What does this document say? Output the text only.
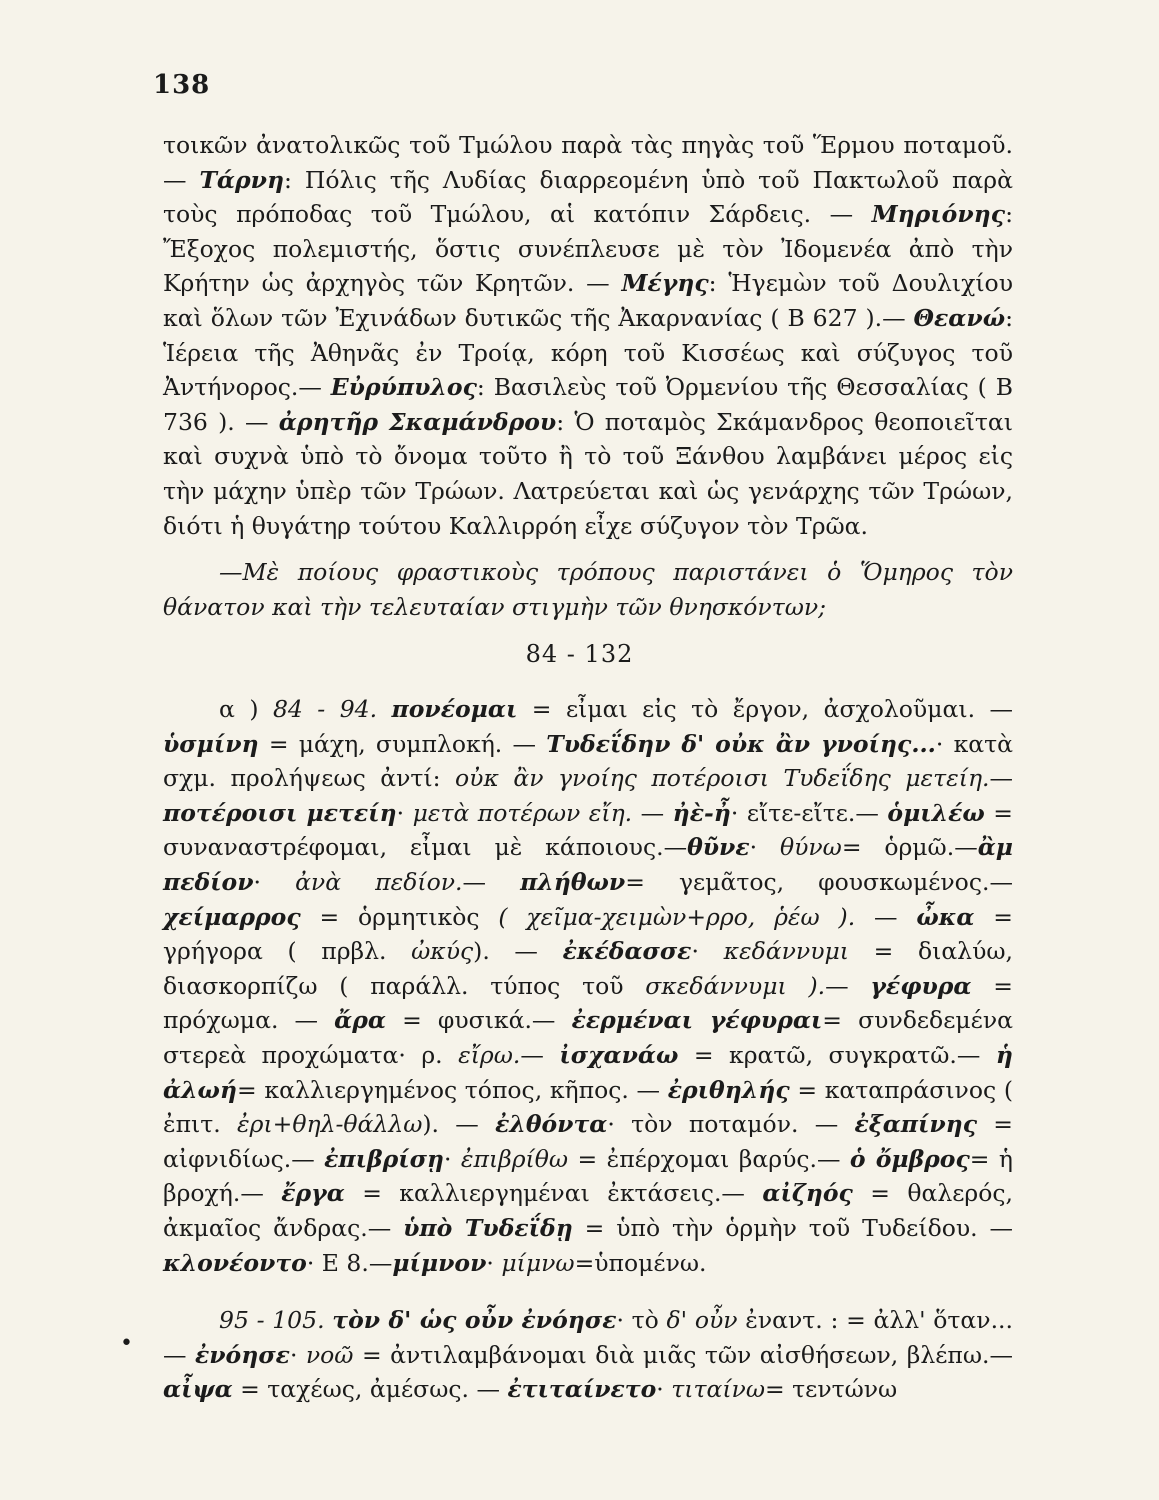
138
τοικῶν ἀνατολικῶς τοῦ Τμώλου παρὰ τὰς πηγὰς τοῦ Ἕρμου ποταμοῦ. — Τάρνη: Πόλις τῆς Λυδίας διαρρεομένη ὑπὸ τοῦ Πακτωλοῦ παρὰ τοὺς πρόποδας τοῦ Τμώλου, αἱ κατόπιν Σάρδεις. — Μηριόνης: Ἔξοχος πολεμιστής, ὅστις συνέπλευσε μὲ τὸν Ἰδομενέα ἀπὸ τὴν Κρήτην ὡς ἀρχηγὸς τῶν Κρητῶν. — Μέγης: Ἡγεμὼν τοῦ Δουλιχίου καὶ ὅλων τῶν Ἐχινάδων δυτικῶς τῆς Ἀκαρνανίας ( Β 627 ).— Θεανώ: Ἱέρεια τῆς Ἀθηνᾶς ἐν Τροίᾳ, κόρη τοῦ Κισσέως καὶ σύζυγος τοῦ Ἀντήνορος.— Εὐρύπυλος: Βασιλεὺς τοῦ Ὀρμενίου τῆς Θεσσαλίας ( Β 736 ). — ἀρητῆρ Σκαμάνδρου: Ὁ ποταμὸς Σκάμανδρος θεοποιεῖται καὶ συχνὰ ὑπὸ τὸ ὄνομα τοῦτο ἢ τὸ τοῦ Ξάνθου λαμβάνει μέρος εἰς τὴν μάχην ὑπὲρ τῶν Τρώων. Λατρεύεται καὶ ὡς γενάρχης τῶν Τρώων, διότι ἡ θυγάτηρ τούτου Καλλιρρόη εἶχε σύζυγον τὸν Τρῶα.
—Μὲ ποίους φραστικοὺς τρόπους παριστάνει ὁ Ὅμηρος τὸν θάνατον καὶ τὴν τελευταίαν στιγμὴν τῶν θνησκόντων;
84 - 132
α ) 84 - 94. πονέομαι = εἶμαι εἰς τὸ ἔργον, ἀσχολοῦμαι. — ὑσμίνη = μάχη, συμπλοκή. — Τυδεΐδην δ' οὐκ ἂν γνοίης...· κατὰ σχμ. προλήψεως ἀντί: οὐκ ἂν γνοίης ποτέροισι Τυδεΐδης μετείη.—ποτέροισι μετείη· μετὰ ποτέρων εἴη. — ἠὲ-ἦ· εἴτε-εἴτε.— ὁμιλέω = συναναστρέφομαι, εἶμαι μὲ κάποιους.—θῦνε· θύνω= ὁρμῶ.—ἂμ πεδίον· ἀνὰ πεδίον.— πλήθων= γεμᾶτος, φουσκωμένος.—χείμαρρος = ὁρμητικὸς ( χεῖμα-χειμὼν+ρρο, ῥέω ). — ὦκα = γρήγορα ( πρβλ. ὠκύς). — ἐκέδασσε· κεδάννυμι = διαλύω, διασκορπίζω ( παράλλ. τύπος τοῦ σκεδάννυμι ).— γέφυρα = πρόχωμα. — ἄρα = φυσικά.— ἐερμέναι γέφυραι= συνδεδεμένα στερεὰ προχώματα· ρ. εἴρω.— ἰσχανάω = κρατῶ, συγκρατῶ.— ἡ ἀλωή= καλλιεργημένος τόπος, κῆπος. — ἐριθηλής = καταπράσινος ( ἐπιτ. ἐρι+θηλ-θάλλω). — ἐλθόντα· τὸν ποταμόν. — ἐξαπίνης = αἰφνιδίως.— ἐπιβρίσῃ· ἐπιβρίθω = ἐπέρχομαι βαρύς.— ὁ ὄμβρος= ἡ βροχή.— ἔργα = καλλιεργημέναι ἐκτάσεις.— αἰζηός = θαλερός, ἀκμαῖος ἄνδρας.— ὑπὸ Τυδεΐδῃ = ὑπὸ τὴν ὁρμὴν τοῦ Τυδείδου. — κλονέοντο· Ε 8.—μίμνον· μίμνω=ὑπομένω.
•
95 - 105. τὸν δ' ὡς οὖν ἐνόησε· τὸ δ' οὖν ἐναντ. : = ἀλλ' ὅταν... — ἐνόησε· νοῶ = ἀντιλαμβάνομαι διὰ μιᾶς τῶν αἰσθήσεων, βλέπω.— αἶψα = ταχέως, ἀμέσως. — ἐτιταίνετο· τιταίνω= τεντώνω
